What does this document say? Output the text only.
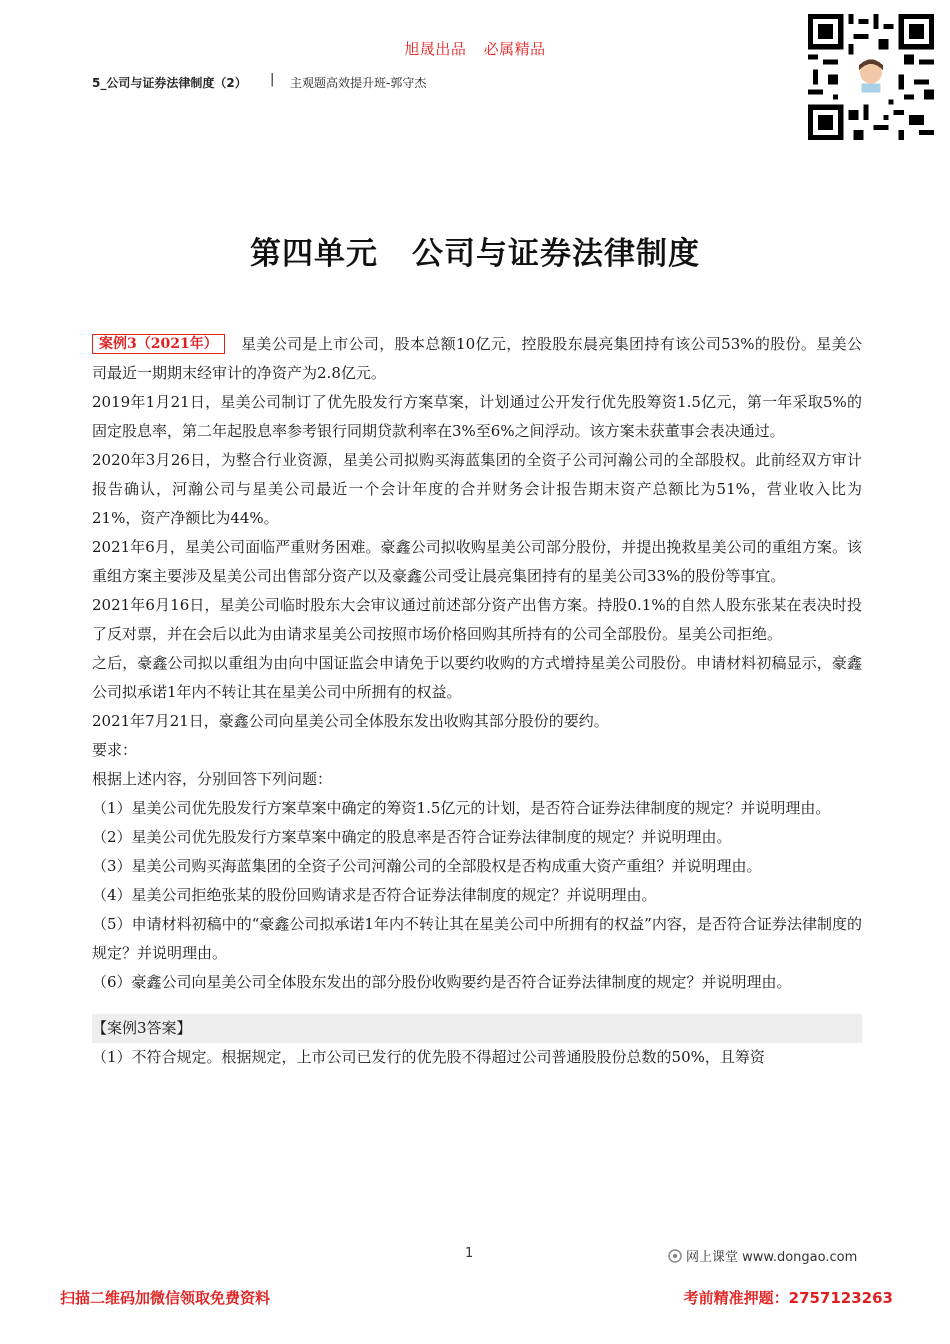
旭晟出品 必属精品
5_公司与证券法律制度（2） | 主观题高效提升班-郭守杰
第四单元 公司与证券法律制度

案例3（2021年） 星美公司是上市公司，股本总额10亿元，控股股东晨亮集团持有该公司53%的股份。星美公司最近一期期末经审计的净资产为2.8亿元。

2019年1月21日，星美公司制订了优先股发行方案草案，计划通过公开发行优先股筹资1.5亿元，第一年采取5%的固定股息率，第二年起股息率参考银行同期贷款利率在3%至6%之间浮动。该方案未获董事会表决通过。

2020年3月26日，为整合行业资源，星美公司拟购买海蓝集团的全资子公司河瀚公司的全部股权。此前经双方审计报告确认，河瀚公司与星美公司最近一个会计年度的合并财务会计报告期末资产总额比为51%，营业收入比为21%，资产净额比为44%。

2021年6月，星美公司面临严重财务困难。豪鑫公司拟收购星美公司部分股份，并提出挽救星美公司的重组方案。该重组方案主要涉及星美公司出售部分资产以及豪鑫公司受让晨亮集团持有的星美公司33%的股份等事宜。

2021年6月16日，星美公司临时股东大会审议通过前述部分资产出售方案。持股0.1%的自然人股东张某在表决时投了反对票，并在会后以此为由请求星美公司按照市场价格回购其所持有的公司全部股份。星美公司拒绝。

之后，豪鑫公司拟以重组为由向中国证监会申请免于以要约收购的方式增持星美公司股份。申请材料初稿显示，豪鑫公司拟承诺1年内不转让其在星美公司中所拥有的权益。

2021年7月21日，豪鑫公司向星美公司全体股东发出收购其部分股份的要约。

要求：

根据上述内容，分别回答下列问题：

（1）星美公司优先股发行方案草案中确定的筹资1.5亿元的计划，是否符合证券法律制度的规定？并说明理由。

（2）星美公司优先股发行方案草案中确定的股息率是否符合证券法律制度的规定？并说明理由。

（3）星美公司购买海蓝集团的全资子公司河瀚公司的全部股权是否构成重大资产重组？并说明理由。

（4）星美公司拒绝张某的股份回购请求是否符合证券法律制度的规定？并说明理由。

（5）申请材料初稿中的“豪鑫公司拟承诺1年内不转让其在星美公司中所拥有的权益”内容，是否符合证券法律制度的规定？并说明理由。

（6）豪鑫公司向星美公司全体股东发出的部分股份收购要约是否符合证券法律制度的规定？并说明理由。

【案例3答案】

（1）不符合规定。根据规定，上市公司已发行的优先股不得超过公司普通股股份总数的50%，且筹资

1	网上课堂 www.dongao.com
扫描二维码加微信领取免费资料	考前精准押题：2757123263
